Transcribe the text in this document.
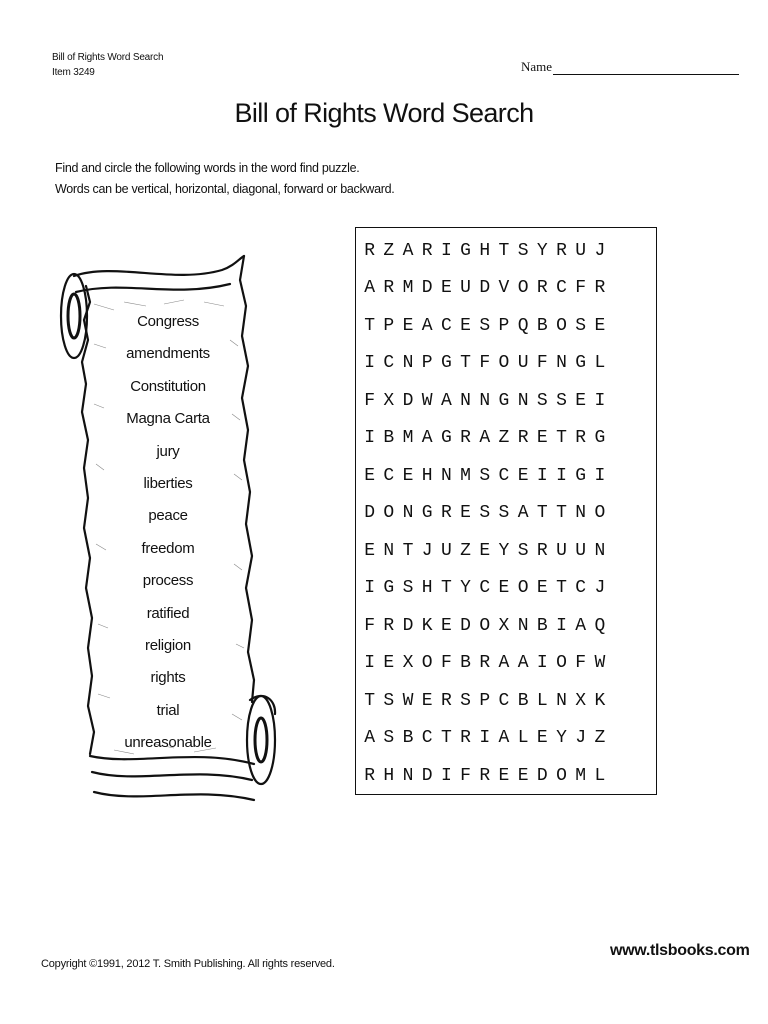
Bill of Rights Word Search
Item 3249	Name
Bill of Rights Word Search
Find and circle the following words in the word find puzzle.
Words can be vertical, horizontal, diagonal, forward or backward.
Congress
amendments
Constitution
Magna Carta
jury
liberties
peace
freedom
process
ratified
religion
rights
trial
unreasonable
R Z A R I G H T S Y R U J
A R M D E U D V O R C F R
T P E A C E S P Q B O S E
I C N P G T F O U F N G L
F X D W A N N G N S S E I
I B M A G R A Z R E T R G
E C E H N M S C E I I G I
D O N G R E S S A T T N O
E N T J U Z E Y S R U U N
I G S H T Y C E O E T C J
F R D K E D O X N B I A Q
I E X O F B R A A I O F W
T S W E R S P C B L N X K
A S B C T R I A L E Y J Z
R H N D I F R E E D O M L
Copyright ©1991, 2012 T. Smith Publishing. All rights reserved.
www.tlsbooks.com
